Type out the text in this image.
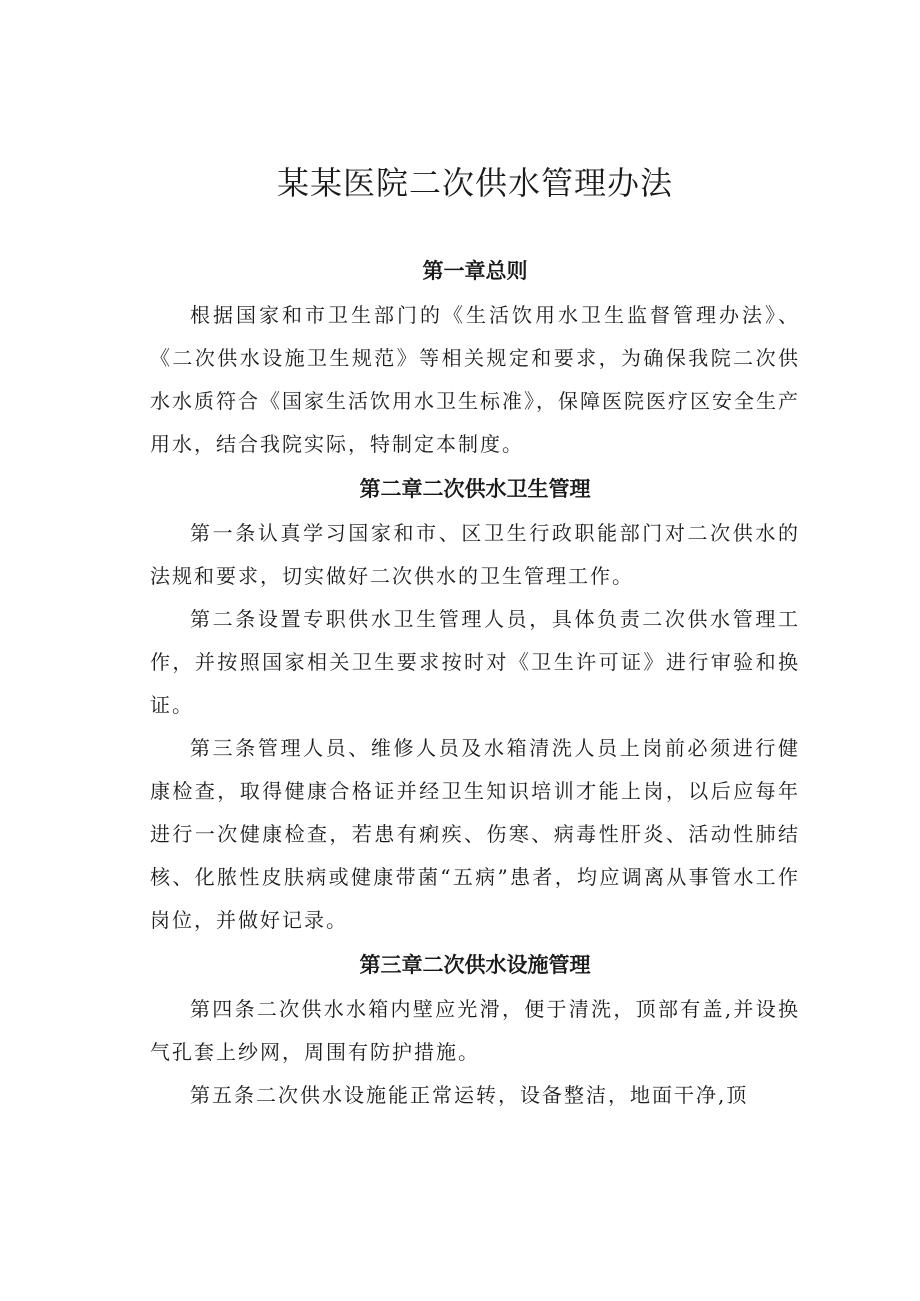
某某医院二次供水管理办法
第一章总则

根据国家和市卫生部门的《生活饮用水卫生监督管理办法》、《二次供水设施卫生规范》等相关规定和要求，为确保我院二次供水水质符合《国家生活饮用水卫生标准》，保障医院医疗区安全生产用水，结合我院实际，特制定本制度。

第二章二次供水卫生管理

第一条认真学习国家和市、区卫生行政职能部门对二次供水的法规和要求，切实做好二次供水的卫生管理工作。

第二条设置专职供水卫生管理人员，具体负责二次供水管理工作，并按照国家相关卫生要求按时对《卫生许可证》进行审验和换证。

第三条管理人员、维修人员及水箱清洗人员上岗前必须进行健康检查，取得健康合格证并经卫生知识培训才能上岗，以后应每年进行一次健康检查，若患有痢疾、伤寒、病毒性肝炎、活动性肺结核、化脓性皮肤病或健康带菌“五病”患者，均应调离从事管水工作岗位，并做好记录。

第三章二次供水设施管理

第四条二次供水水箱内壁应光滑，便于清洗，顶部有盖,并设换气孔套上纱网，周围有防护措施。

第五条二次供水设施能正常运转，设备整洁，地面干净,顶
